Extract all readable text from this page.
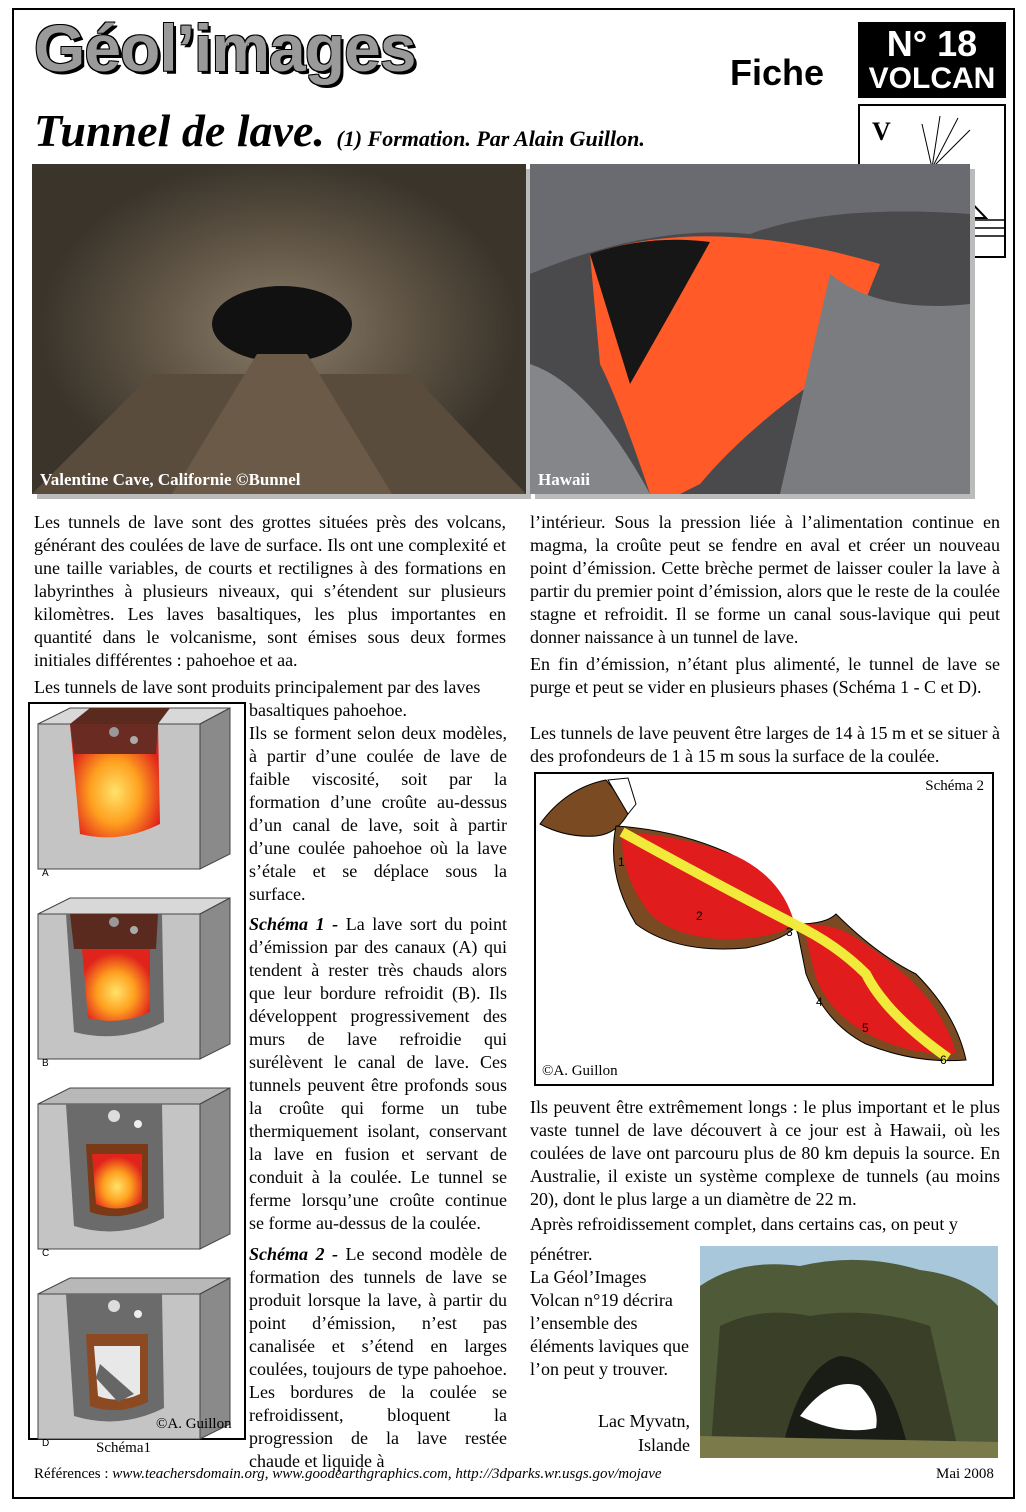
Géol’images	Fiche
N° 18
VOLCAN
V
Tunnel de lave. (1) Formation. Par Alain Guillon.
Valentine Cave, Californie ©Bunnel	Hawaii

Les tunnels de lave sont des grottes situées près des volcans, générant des coulées de lave de surface. Ils ont une complexité et une taille variables, de courts et rectilignes à des formations en labyrinthes à plusieurs niveaux, qui s’étendent sur plusieurs kilomètres. Les laves basaltiques, les plus importantes en quantité dans le volcanisme, sont émises sous deux formes initiales différentes : pahoehoe et aa.

Les tunnels de lave sont produits principalement par des laves

A
B
C
D
©A. Guillon

basaltiques pahoehoe.

Ils se forment selon deux modèles, à partir d’une coulée de lave de faible viscosité, soit par la formation d’une croûte au-dessus d’un canal de lave, soit à partir d’une coulée pahoehoe où la lave s’étale et se déplace sous la surface.

Schéma 1 - La lave sort du point d’émission par des canaux (A) qui tendent à rester très chauds alors que leur bordure refroidit (B). Ils développent progressivement des murs de lave refroidie qui surélèvent le canal de lave. Ces tunnels peuvent être profonds sous la croûte qui forme un tube thermiquement isolant, conservant la lave en fusion et servant de conduit à la coulée. Le tunnel se ferme lorsqu’une croûte continue se forme au-dessus de la coulée.

Schéma 2 - Le second modèle de formation des tunnels de lave se produit lorsque la lave, à partir du point d’émission, n’est pas canalisée et s’étend en larges coulées, toujours de type pahoehoe. Les bordures de la coulée se refroidissent, bloquent la progression de la lave restée chaude et liquide à

l’intérieur. Sous la pression liée à l’alimentation continue en magma, la croûte peut se fendre en aval et créer un nouveau point d’émission. Cette brèche permet de laisser couler la lave à partir du premier point d’émission, alors que le reste de la coulée stagne et refroidit. Il se forme un canal sous-lavique qui peut donner naissance à un tunnel de lave.

En fin d’émission, n’étant plus alimenté, le tunnel de lave se purge et peut se vider en plusieurs phases (Schéma 1 - C et D).

Les tunnels de lave peuvent être larges de 14 à 15 m et se situer à des profondeurs de 1 à 15 m sous la surface de la coulée.

1
2
3
4
5
6
Schéma 2
©A. Guillon

Ils peuvent être extrêmement longs : le plus important et le plus vaste tunnel de lave découvert à ce jour est à Hawaii, où les coulées de lave ont parcouru plus de 80 km depuis la source. En Australie, il existe un système complexe de tunnels (au moins 20), dont le plus large a un diamètre de 22 m.

Après refroidissement complet, dans certains cas, on peut y

pénétrer.

La Géol’Images Volcan n°19 décrira l’ensemble des éléments laviques que l’on peut y trouver.

Lac Myvatn,
Islande
Schéma1
Références : www.teachersdomain.org, www.goodearthgraphics.com, http://3dparks.wr.usgs.gov/mojave	Mai 2008
